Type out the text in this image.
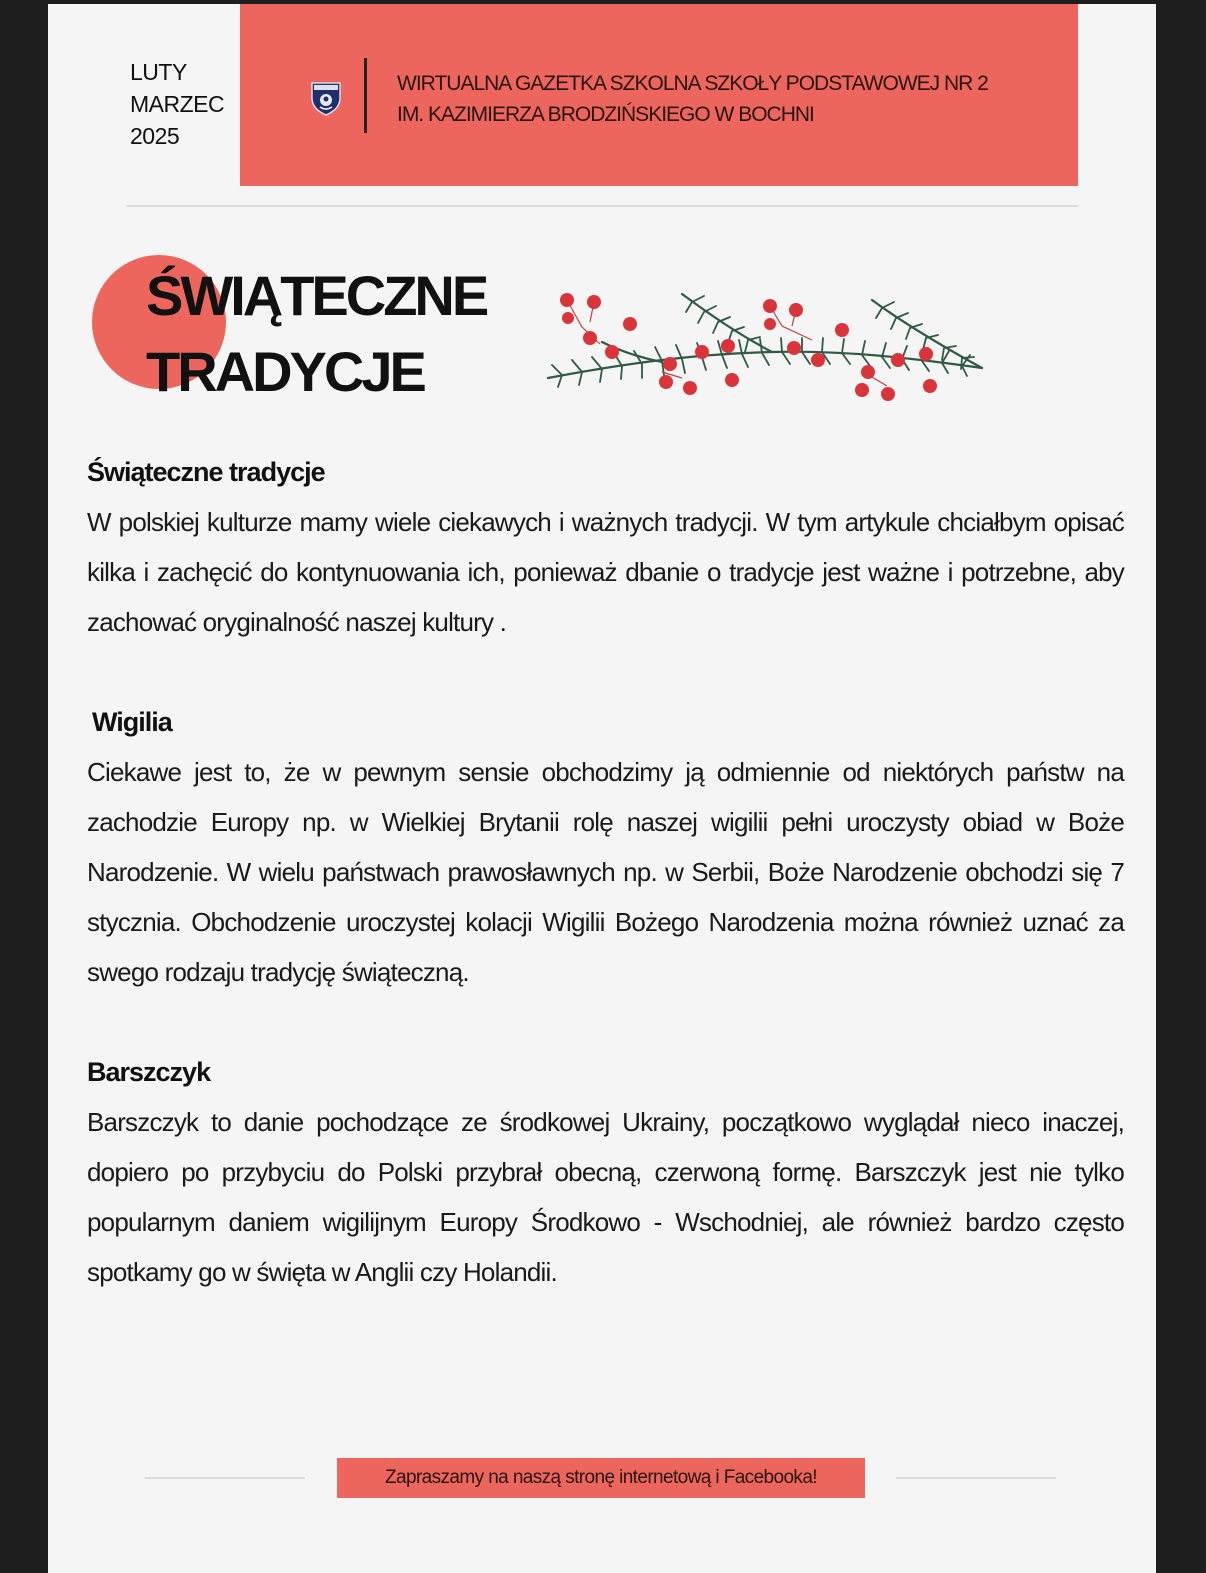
LUTY
MARZEC
2025
WIRTUALNA GAZETKA SZKOLNA SZKOŁY PODSTAWOWEJ NR 2
IM. KAZIMIERZA BRODZIŃSKIEGO W BOCHNI
ŚWIĄTECZNE
TRADYCJE
Świąteczne tradycje

W polskiej kulturze mamy wiele ciekawych i ważnych tradycji. W tym artykule chciałbym opisać kilka i zachęcić do kontynuowania ich, ponieważ dbanie o tradycje jest ważne i potrzebne, aby zachować oryginalność naszej kultury .

Wigilia

Ciekawe jest to, że w pewnym sensie obchodzimy ją odmiennie od niektórych państw na zachodzie Europy np. w Wielkiej Brytanii rolę naszej wigilii pełni uroczysty obiad w Boże Narodzenie. W wielu państwach prawosławnych np. w Serbii, Boże Narodzenie obchodzi się 7 stycznia. Obchodzenie uroczystej kolacji Wigilii Bożego Narodzenia można również uznać za swego rodzaju tradycję świąteczną.

Barszczyk

Barszczyk to danie pochodzące ze środkowej Ukrainy, początkowo wyglądał nieco inaczej, dopiero po przybyciu do Polski przybrał obecną, czerwoną formę. Barszczyk jest nie tylko popularnym daniem wigilijnym Europy Środkowo - Wschodniej, ale również bardzo często spotkamy go w święta w Anglii czy Holandii.

Zapraszamy na naszą stronę internetową i Facebooka!
